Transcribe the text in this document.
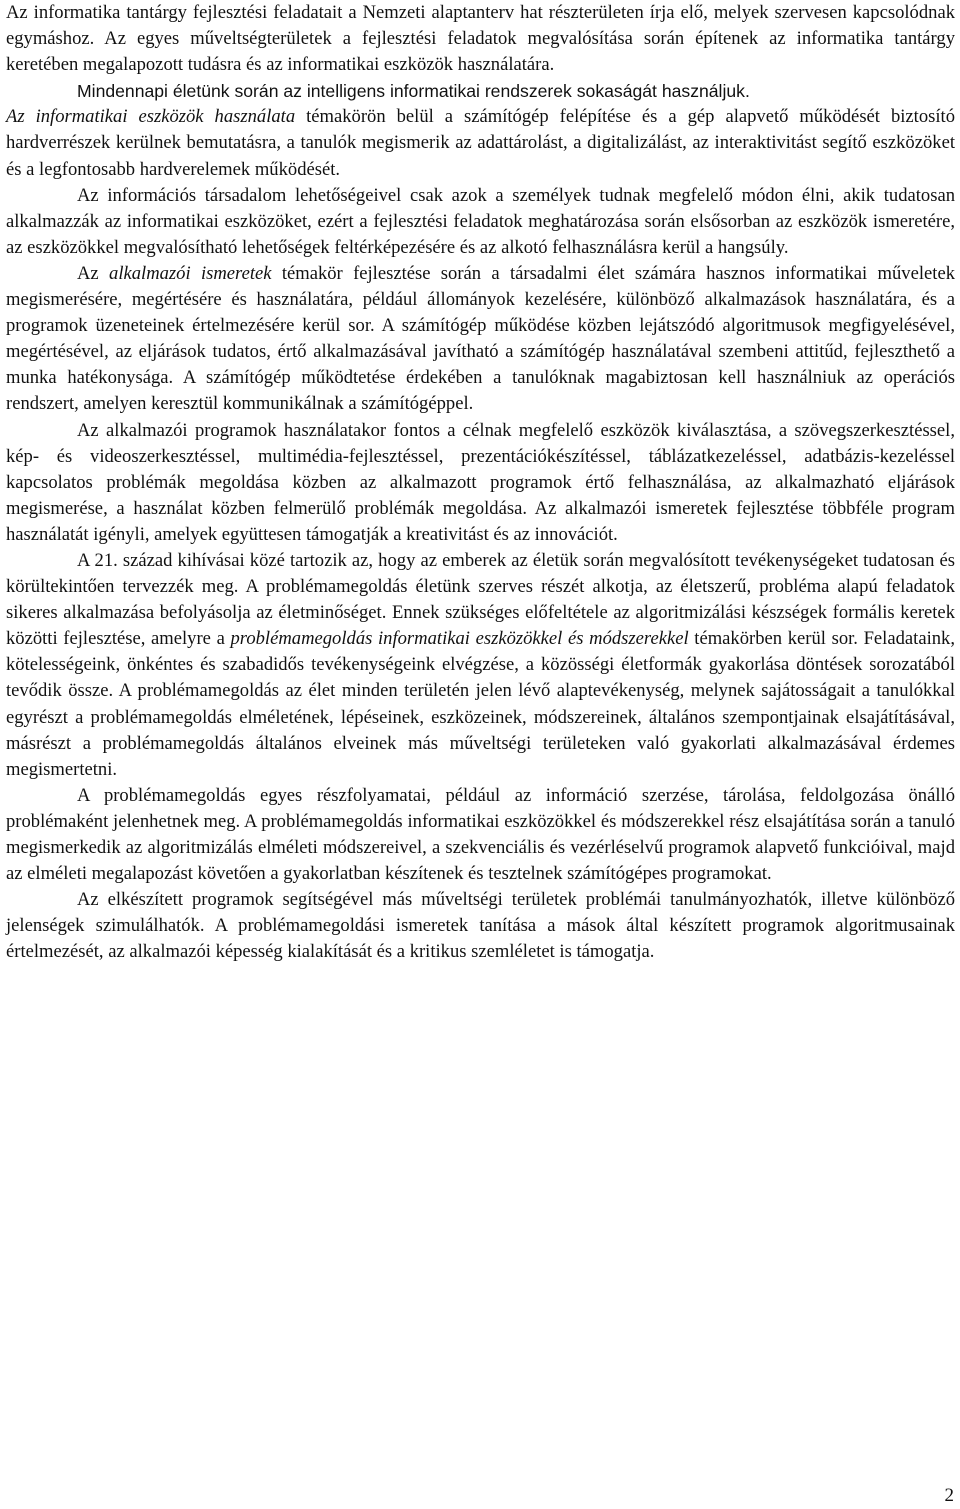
Az informatika tantárgy fejlesztési feladatait a Nemzeti alaptanterv hat részterületen írja elő, melyek szervesen kapcsolódnak egymáshoz. Az egyes műveltségterületek a fejlesztési feladatok megvalósítása során építenek az informatika tantárgy keretében megalapozott tudásra és az informatikai eszközök használatára.

Mindennapi életünk során az intelligens informatikai rendszerek sokaságát használjuk.

Az informatikai eszközök használata témakörön belül a számítógép felépítése és a gép alapvető működését biztosító hardverrészek kerülnek bemutatásra, a tanulók megismerik az adattárolást, a digitalizálást, az interaktivitást segítő eszközöket és a legfontosabb hardverelemek működését.

Az információs társadalom lehetőségeivel csak azok a személyek tudnak megfelelő módon élni, akik tudatosan alkalmazzák az informatikai eszközöket, ezért a fejlesztési feladatok meghatározása során elsősorban az eszközök ismeretére, az eszközökkel megvalósítható lehetőségek feltérképezésére és az alkotó felhasználásra kerül a hangsúly.

Az alkalmazói ismeretek témakör fejlesztése során a társadalmi élet számára hasznos informatikai műveletek megismerésére, megértésére és használatára, például állományok kezelésére, különböző alkalmazások használatára, és a programok üzeneteinek értelmezésére kerül sor. A számítógép működése közben lejátszódó algoritmusok megfigyelésével, megértésével, az eljárások tudatos, értő alkalmazásával javítható a számítógép használatával szembeni attitűd, fejleszthető a munka hatékonysága. A számítógép működtetése érdekében a tanulóknak magabiztosan kell használniuk az operációs rendszert, amelyen keresztül kommunikálnak a számítógéppel.

Az alkalmazói programok használatakor fontos a célnak megfelelő eszközök kiválasztása, a szövegszerkesztéssel, kép- és videoszerkesztéssel, multimédia-fejlesztéssel, prezentációkészítéssel, táblázatkezeléssel, adatbázis-kezeléssel kapcsolatos problémák megoldása közben az alkalmazott programok értő felhasználása, az alkalmazható eljárások megismerése, a használat közben felmerülő problémák megoldása. Az alkalmazói ismeretek fejlesztése többféle program használatát igényli, amelyek együttesen támogatják a kreativitást és az innovációt.

A 21. század kihívásai közé tartozik az, hogy az emberek az életük során megvalósított tevékenységeket tudatosan és körültekintően tervezzék meg. A problémamegoldás életünk szerves részét alkotja, az életszerű, probléma alapú feladatok sikeres alkalmazása befolyásolja az életminőséget. Ennek szükséges előfeltétele az algoritmizálási készségek formális keretek közötti fejlesztése, amelyre a problémamegoldás informatikai eszközökkel és módszerekkel témakörben kerül sor. Feladataink, kötelességeink, önkéntes és szabadidős tevékenységeink elvégzése, a közösségi életformák gyakorlása döntések sorozatából tevődik össze. A problémamegoldás az élet minden területén jelen lévő alaptevékenység, melynek sajátosságait a tanulókkal egyrészt a problémamegoldás elméletének, lépéseinek, eszközeinek, módszereinek, általános szempontjainak elsajátításával, másrészt a problémamegoldás általános elveinek más műveltségi területeken való gyakorlati alkalmazásával érdemes megismertetni.

A problémamegoldás egyes részfolyamatai, például az információ szerzése, tárolása, feldolgozása önálló problémaként jelenhetnek meg. A problémamegoldás informatikai eszközökkel és módszerekkel rész elsajátítása során a tanuló megismerkedik az algoritmizálás elméleti módszereivel, a szekvenciális és vezérléselvű programok alapvető funkcióival, majd az elméleti megalapozást követően a gyakorlatban készítenek és tesztelnek számítógépes programokat.

Az elkészített programok segítségével más műveltségi területek problémái tanulmányozhatók, illetve különböző jelenségek szimulálhatók. A problémamegoldási ismeretek tanítása a mások által készített programok algoritmusainak értelmezését, az alkalmazói képesség kialakítását és a kritikus szemléletet is támogatja.

2
